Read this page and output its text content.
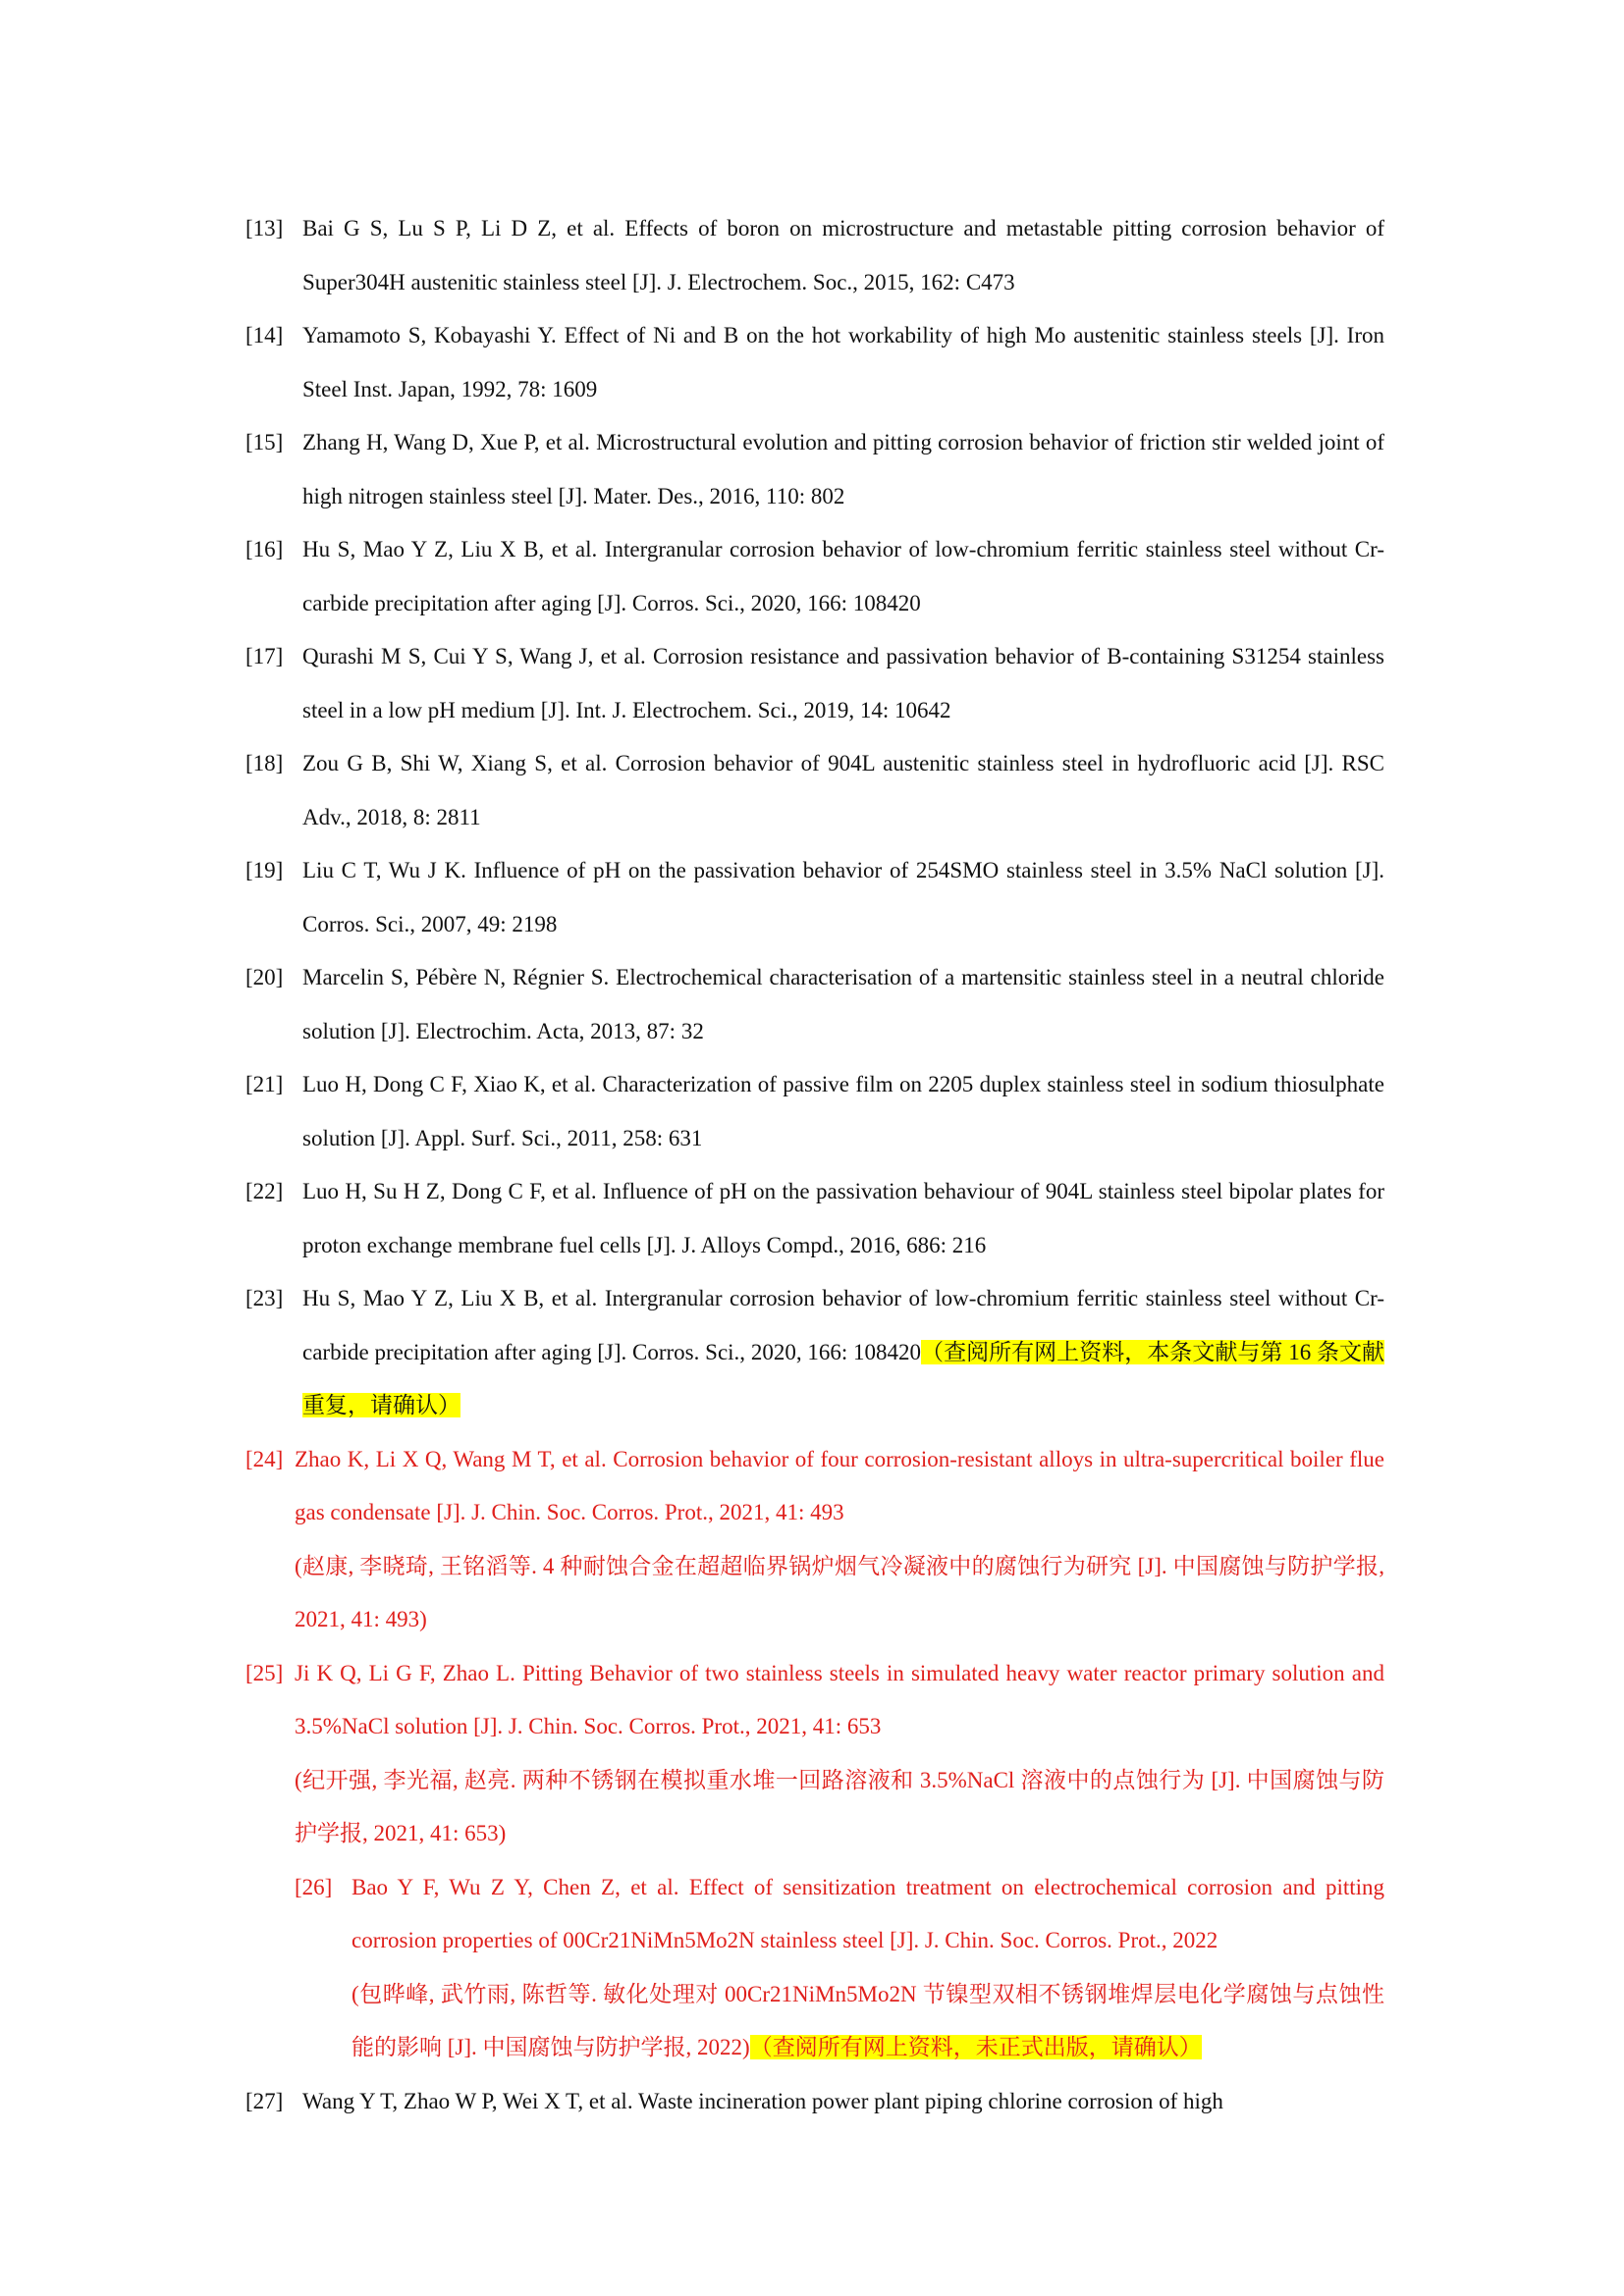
[13] Bai G S, Lu S P, Li D Z, et al. Effects of boron on microstructure and metastable pitting corrosion behavior of Super304H austenitic stainless steel [J]. J. Electrochem. Soc., 2015, 162: C473

[14] Yamamoto S, Kobayashi Y. Effect of Ni and B on the hot workability of high Mo austenitic stainless steels [J]. Iron Steel Inst. Japan, 1992, 78: 1609

[15] Zhang H, Wang D, Xue P, et al. Microstructural evolution and pitting corrosion behavior of friction stir welded joint of high nitrogen stainless steel [J]. Mater. Des., 2016, 110: 802

[16] Hu S, Mao Y Z, Liu X B, et al. Intergranular corrosion behavior of low-chromium ferritic stainless steel without Cr-carbide precipitation after aging [J]. Corros. Sci., 2020, 166: 108420

[17] Qurashi M S, Cui Y S, Wang J, et al. Corrosion resistance and passivation behavior of B-containing S31254 stainless steel in a low pH medium [J]. Int. J. Electrochem. Sci., 2019, 14: 10642

[18] Zou G B, Shi W, Xiang S, et al. Corrosion behavior of 904L austenitic stainless steel in hydrofluoric acid [J]. RSC Adv., 2018, 8: 2811

[19] Liu C T, Wu J K. Influence of pH on the passivation behavior of 254SMO stainless steel in 3.5% NaCl solution [J]. Corros. Sci., 2007, 49: 2198

[20] Marcelin S, Pébère N, Régnier S. Electrochemical characterisation of a martensitic stainless steel in a neutral chloride solution [J]. Electrochim. Acta, 2013, 87: 32

[21] Luo H, Dong C F, Xiao K, et al. Characterization of passive film on 2205 duplex stainless steel in sodium thiosulphate solution [J]. Appl. Surf. Sci., 2011, 258: 631

[22] Luo H, Su H Z, Dong C F, et al. Influence of pH on the passivation behaviour of 904L stainless steel bipolar plates for proton exchange membrane fuel cells [J]. J. Alloys Compd., 2016, 686: 216

[23] Hu S, Mao Y Z, Liu X B, et al. Intergranular corrosion behavior of low-chromium ferritic stainless steel without Cr-carbide precipitation after aging [J]. Corros. Sci., 2020, 166: 108420（查阅所有网上资料，本条文献与第 16 条文献重复，请确认）

[24] Zhao K, Li X Q, Wang M T, et al. Corrosion behavior of four corrosion-resistant alloys in ultra-supercritical boiler flue gas condensate [J]. J. Chin. Soc. Corros. Prot., 2021, 41: 493
(赵康, 李晓琦, 王铭滔等. 4 种耐蚀合金在超超临界锅炉烟气冷凝液中的腐蚀行为研究 [J]. 中国腐蚀与防护学报, 2021, 41: 493)

[25] Ji K Q, Li G F, Zhao L. Pitting Behavior of two stainless steels in simulated heavy water reactor primary solution and 3.5%NaCl solution [J]. J. Chin. Soc. Corros. Prot., 2021, 41: 653
(纪开强, 李光福, 赵亮. 两种不锈钢在模拟重水堆一回路溶液和 3.5%NaCl 溶液中的点蚀行为 [J]. 中国腐蚀与防护学报, 2021, 41: 653)

[26] Bao Y F, Wu Z Y, Chen Z, et al. Effect of sensitization treatment on electrochemical corrosion and pitting corrosion properties of 00Cr21NiMn5Mo2N stainless steel [J]. J. Chin. Soc. Corros. Prot., 2022
(包晔峰, 武竹雨, 陈哲等. 敏化处理对 00Cr21NiMn5Mo2N 节镍型双相不锈钢堆焊层电化学腐蚀与点蚀性能的影响 [J]. 中国腐蚀与防护学报, 2022)（查阅所有网上资料，未正式出版，请确认）

[27] Wang Y T, Zhao W P, Wei X T, et al. Waste incineration power plant piping chlorine corrosion of high
